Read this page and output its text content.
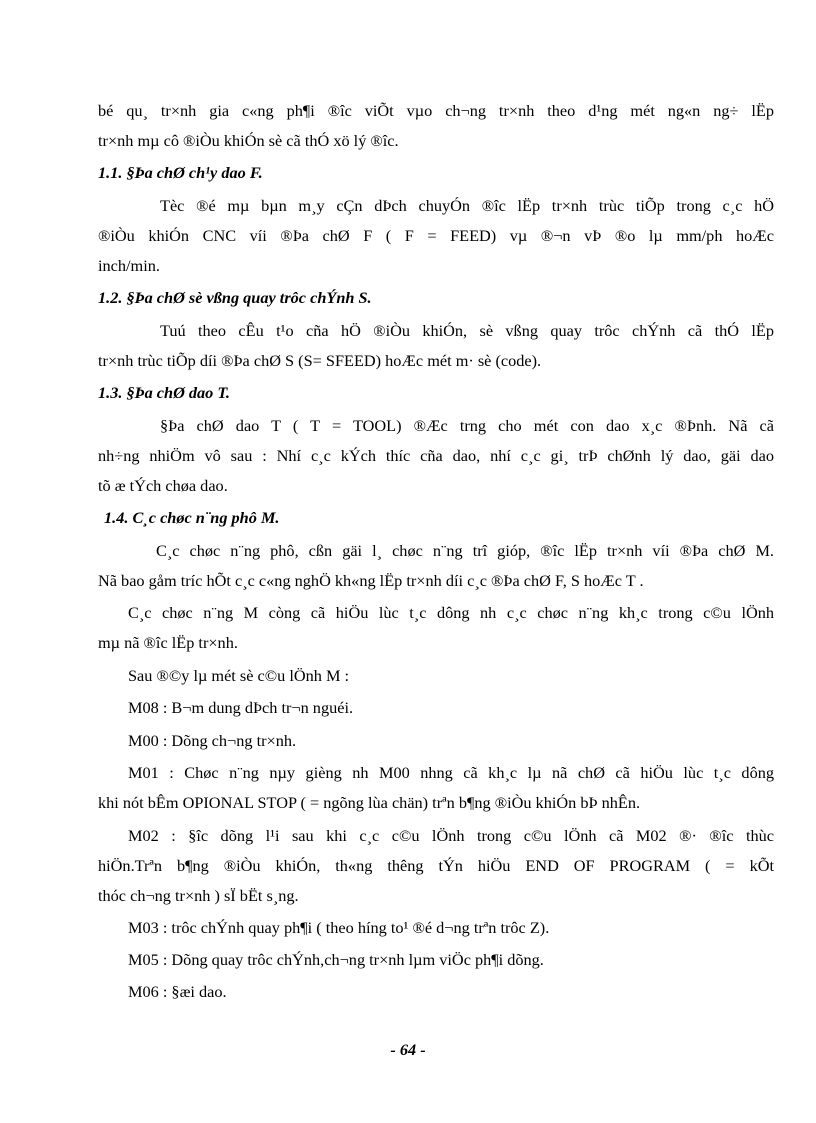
bé qu¸ tr×nh gia c«ng ph¶i ®îc viÕt vµo ch¬ng tr×nh theo d¹ng mét ng«n ng÷ lËp
tr×nh mµ cô ®iÒu khiÓn sè cã thÓ xö lý ®îc.
1.1. §Þa chØ ch¹y dao F.
Tèc ®é mµ bµn m¸y cÇn dÞch chuyÓn ®îc lËp tr×nh trùc tiÕp trong c¸c hÖ
®iÒu khiÓn CNC víi ®Þa chØ F ( F = FEED) vµ ®¬n vÞ ®o lµ mm/ph hoÆc
inch/min.
1.2. §Þa chØ sè vßng quay trôc chÝnh S.
Tuú theo cÊu t¹o cña hÖ ®iÒu khiÓn, sè vßng quay trôc chÝnh cã thÓ lËp
tr×nh trùc tiÕp díi ®Þa chØ S (S= SFEED) hoÆc mét m· sè (code).
1.3. §Þa chØ dao T.
§Þa chØ dao T ( T = TOOL) ®Æc trng cho mét con dao x¸c ®Þnh. Nã cã
nh÷ng nhiÖm vô sau : Nhí c¸c kÝch thíc cña dao, nhí c¸c gi¸ trÞ chØnh lý dao, gäi dao
tõ æ tÝch chøa dao.
1.4. C¸c chøc n¨ng phô M.
C¸c chøc n¨ng phô, cßn gäi l¸ chøc n¨ng trî gióp, ®îc lËp tr×nh víi ®Þa chØ M.
Nã bao gåm tríc hÕt c¸c c«ng nghÖ kh«ng lËp tr×nh díi c¸c ®Þa chØ F, S hoÆc T .
C¸c chøc n¨ng M còng cã hiÖu lùc t¸c dông nh c¸c chøc n¨ng kh¸c trong c©u lÖnh
mµ nã ®îc lËp tr×nh.
Sau ®©y lµ mét sè c©u lÖnh M :
M08 : B¬m dung dÞch tr¬n nguéi.
M00 : Dõng ch¬ng tr×nh.
M01 : Chøc n¨ng nµy gièng nh M00 nhng cã kh¸c lµ nã chØ cã hiÖu lùc t¸c dông
khi nót bÊm OPIONAL STOP ( = ngõng lùa chän) trªn b¶ng ®iÒu khiÓn bÞ nhÊn.
M02 : §îc dõng l¹i sau khi c¸c c©u lÖnh trong c©u lÖnh cã M02 ®· ®îc thùc
hiÖn.Trªn b¶ng ®iÒu khiÓn, th«ng thêng tÝn hiÖu END OF PROGRAM ( = kÕt
thóc ch¬ng tr×nh ) sÏ bËt s¸ng.
M03 : trôc chÝnh quay ph¶i ( theo híng to¹ ®é d¬ng trªn trôc Z).
M05 : Dõng quay trôc chÝnh,ch¬ng tr×nh lµm viÖc ph¶i dõng.
M06 : §æi dao.
- 64 -
